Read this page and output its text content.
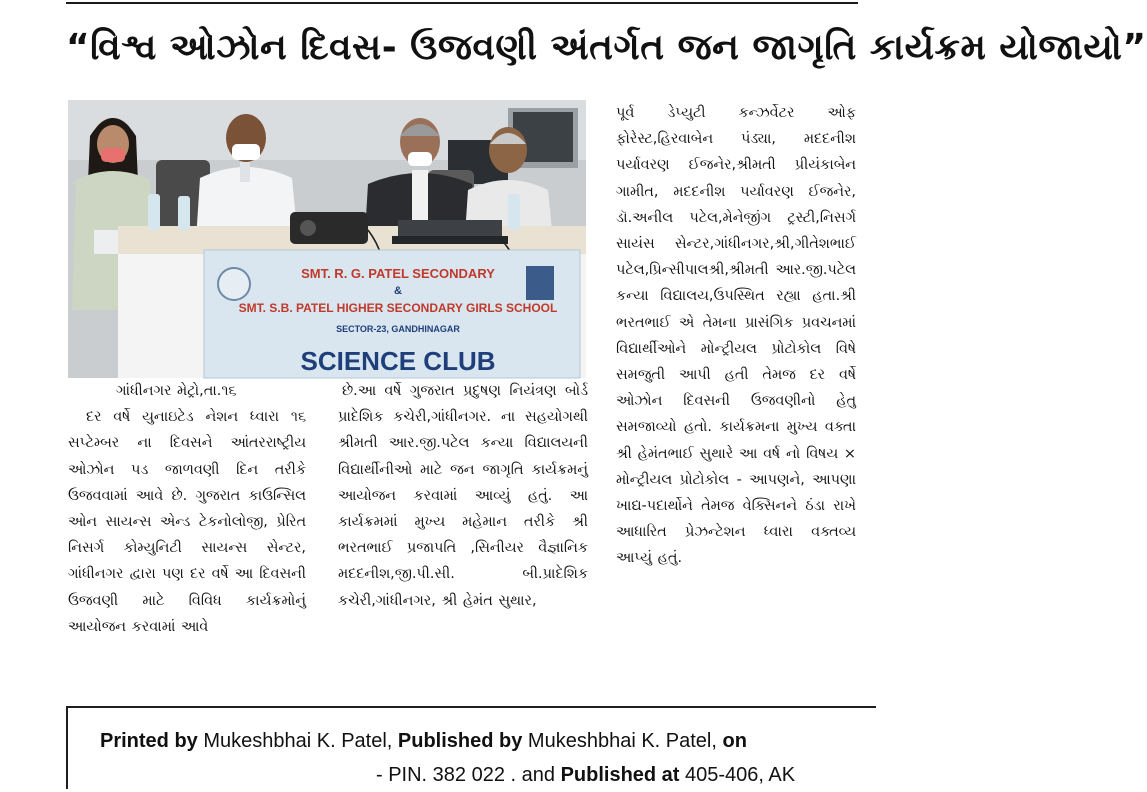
“વિશ્વ ઓઝોન દિવસ- ઉજવણી અંતર્ગત જન જાગૃતિ કાર્યક્રમ યોજાયો”
SMT. R. G. PATEL SECONDARY
&
SMT. S.B. PATEL HIGHER SECONDARY GIRLS SCHOOL
SECTOR-23, GANDHINAGAR
SCIENCE CLUB

ગાંધીનગર મેટ્રો,તા.૧૬

દર વર્ષે યુનાઇટેડ નેશન ધ્વારા ૧૬ સપ્ટેમ્બર ના દિવસને આંતરરાષ્ટ્રીય ઓઝોન પડ જાળવણી દિન તરીકે ઉજવવામાં આવે છે. ગુજરાત કાઉન્સિલ ઓન સાયન્સ એન્ડ ટેકનોલોજી, પ્રેરિત નિસર્ગ કોમ્યુનિટી સાયન્સ સેન્ટર, ગાંધીનગર દ્વારા પણ દર વર્ષે આ દિવસની ઉજવણી માટે વિવિધ કાર્યક્રમોનું આયોજન કરવામાં આવે

છે.આ વર્ષે ગુજરાત પ્રદુષણ નિયંત્રણ બોર્ડ પ્રાદેશિક કચેરી,ગાંધીનગર. ના સહયોગથી શ્રીમતી આર.જી.પટેલ કન્યા વિદ્યાલયની વિદ્યાર્થીનીઓ માટે જન જાગૃતિ કાર્યક્રમનું આયોજન કરવામાં આવ્યું હતું. આ કાર્યક્રમમાં મુખ્ય મહેમાન તરીકે શ્રી ભરતભાઈ પ્રજાપતિ ,સિનીયર વૈજ્ઞાનિક મદદનીશ,જી.પી.સી. બી.પ્રાદેશિક કચેરી,ગાંધીનગર, શ્રી હેમંત સુથાર,

પૂર્વ ડેપ્યુટી કન્ઝર્વેટર ઓફ ફોરેસ્ટ,હિરવાબેન પંડ્યા, મદદનીશ પર્યાવરણ ઈજનેર,શ્રીમતી પ્રીયંકાબેન ગામીત, મદદનીશ પર્યાવરણ ઈજનેર, ડૉ.અનીલ પટેલ,મેનેજીંગ ટ્રસ્ટી,નિસર્ગ સાયંસ સેન્ટર,ગાંધીનગર,શ્રી,ગીતેશભાઈ પટેલ,પ્રિન્સીપાલશ્રી,શ્રીમતી આર.જી.પટેલ કન્યા વિદ્યાલય,ઉપસ્થિત રહ્યા હતા.શ્રી ભરતભાઈ એ તેમના પ્રાસંગિક પ્રવચનમાં વિદ્યાર્થીઓને મોન્ટ્રીયલ પ્રોટોકોલ વિષે સમજુતી આપી હતી તેમજ દર વર્ષે ઓઝોન દિવસની ઉજવણીનો હેતુ સમજાવ્યો હતો. કાર્યક્રમના મુખ્ય વક્તા શ્રી હેમંતભાઈ સુથારે આ વર્ષ નો વિષય × મોન્ટ્રીયલ પ્રોટોકોલ - આપણને, આપણા ખાદ્ય-પદાર્થોને તેમજ વેક્સિનને ઠંડા રાખે આધારિત પ્રેઝન્ટેશન ધ્વારા વક્તવ્ય આપ્યું હતું.

Printed by Mukeshbhai K. Patel, Published by Mukeshbhai K. Patel, on
- PIN. 382 022 . and Published at 405-406, AK
